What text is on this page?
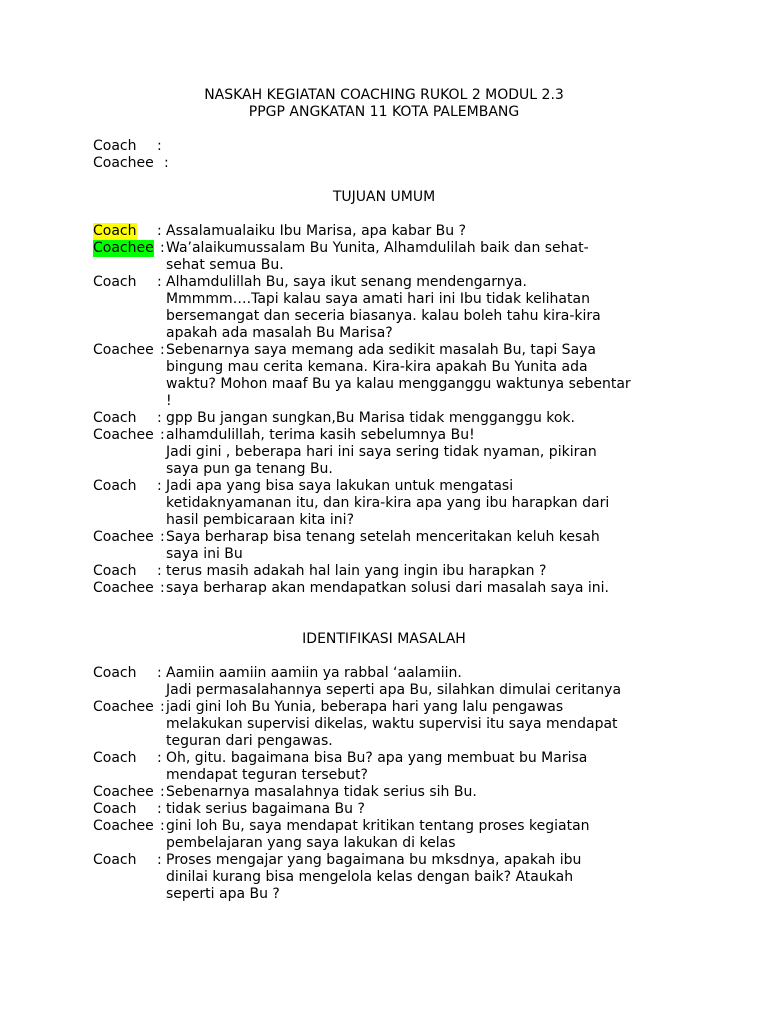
NASKAH KEGIATAN COACHING RUKOL 2 MODUL 2.3
PPGP ANGKATAN 11 KOTA PALEMBANG
Coach :
Coachee :
TUJUAN UMUM
Coach : Assalamualaiku Ibu Marisa, apa kabar Bu ?
Coachee : Wa’alaikumussalam Bu Yunita, Alhamdulilah baik dan sehat-
sehat semua Bu.
Coach : Alhamdulillah Bu, saya ikut senang mendengarnya.
Mmmmm….Tapi kalau saya amati hari ini Ibu tidak kelihatan
bersemangat dan seceria biasanya. kalau boleh tahu kira-kira
apakah ada masalah Bu Marisa?
Coachee : Sebenarnya saya memang ada sedikit masalah Bu, tapi Saya
bingung mau cerita kemana. Kira-kira apakah Bu Yunita ada
waktu? Mohon maaf Bu ya kalau mengganggu waktunya sebentar
!
Coach : gpp Bu jangan sungkan,Bu Marisa tidak mengganggu kok.
Coachee : alhamdulillah, terima kasih sebelumnya Bu!
Jadi gini , beberapa hari ini saya sering tidak nyaman, pikiran
saya pun ga tenang Bu.
Coach : Jadi apa yang bisa saya lakukan untuk mengatasi
ketidaknyamanan itu, dan kira-kira apa yang ibu harapkan dari
hasil pembicaraan kita ini?
Coachee : Saya berharap bisa tenang setelah menceritakan keluh kesah
saya ini Bu
Coach : terus masih adakah hal lain yang ingin ibu harapkan ?
Coachee : saya berharap akan mendapatkan solusi dari masalah saya ini.
IDENTIFIKASI MASALAH
Coach : Aamiin aamiin aamiin ya rabbal ‘aalamiin.
Jadi permasalahannya seperti apa Bu, silahkan dimulai ceritanya
Coachee : jadi gini loh Bu Yunia, beberapa hari yang lalu pengawas
melakukan supervisi dikelas, waktu supervisi itu saya mendapat
teguran dari pengawas.
Coach : Oh, gitu. bagaimana bisa Bu? apa yang membuat bu Marisa
mendapat teguran tersebut?
Coachee : Sebenarnya masalahnya tidak serius sih Bu.
Coach : tidak serius bagaimana Bu ?
Coachee : gini loh Bu, saya mendapat kritikan tentang proses kegiatan
pembelajaran yang saya lakukan di kelas
Coach : Proses mengajar yang bagaimana bu mksdnya, apakah ibu
dinilai kurang bisa mengelola kelas dengan baik? Ataukah
seperti apa Bu ?
